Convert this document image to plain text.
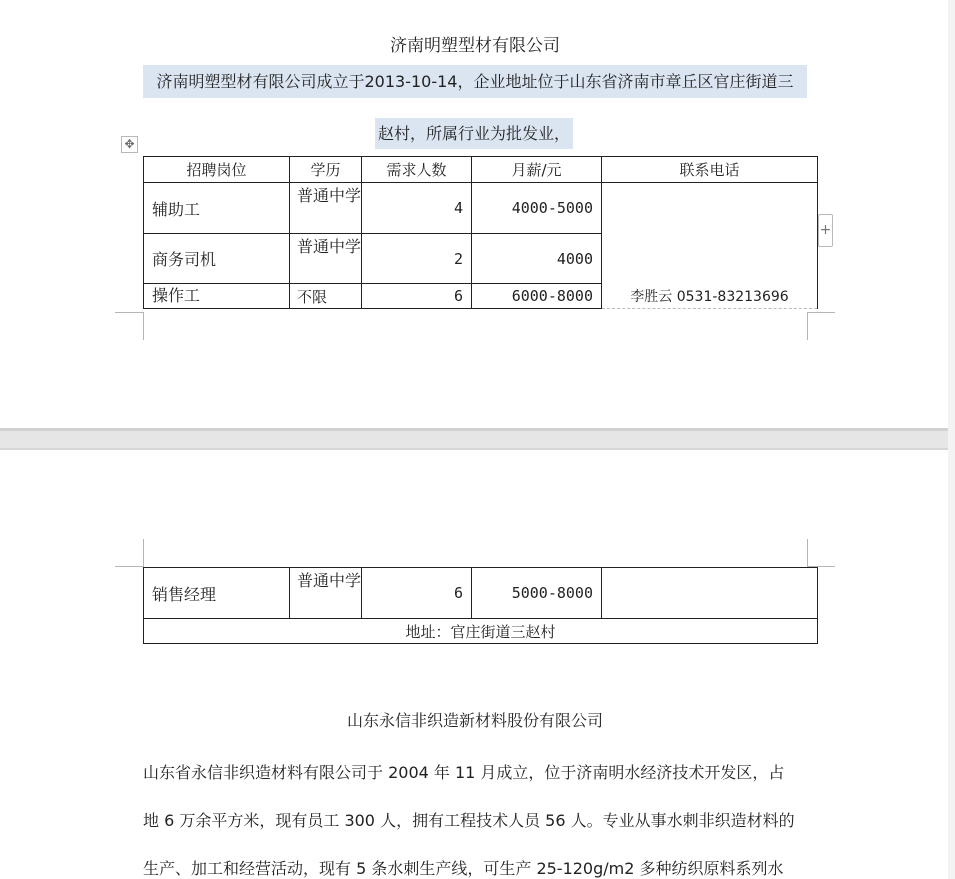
济南明塑型材有限公司
济南明塑型材有限公司成立于2013-10-14，企业地址位于山东省济南市章丘区官庄街道三
赵村，所属行业为批发业，
✥
+
招聘岗位	学历	需求人数	月薪/元	联系电话
辅助工	普通中学	4	4000-5000	李胜云 0531-83213696
商务司机	普通中学	2	4000	
操作工	不限	6	6000-8000	
销售经理	普通中学	6	5000-8000	
地址：官庄街道三赵村
山东永信非织造新材料股份有限公司
山东省永信非织造材料有限公司于 2004 年 11 月成立，位于济南明水经济技术开发区，占
地 6 万余平方米，现有员工 300 人，拥有工程技术人员 56 人。专业从事水刺非织造材料的
生产、加工和经营活动，现有 5 条水刺生产线，可生产 25-120g/m2 多种纺织原料系列水
